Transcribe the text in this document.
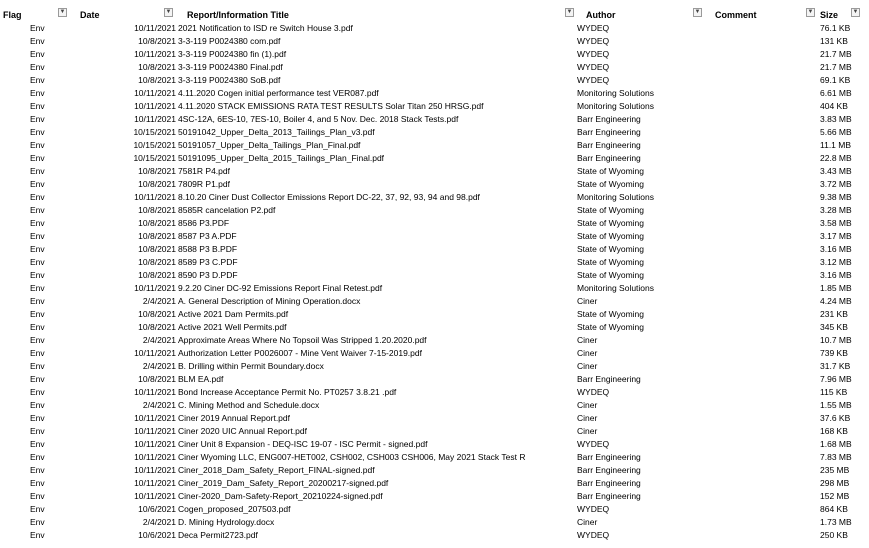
Flag	▼ Date	▼ Report/Information Title	▼ Author	▼ Comment	▼ Size ▼
Env	10/11/2021 2021 Notification to ISD re Switch House 3.pdf	WYDEQ	76.1 KB
Env	10/8/2021 3-3-119 P0024380 com.pdf	WYDEQ	131 KB
Env	10/11/2021 3-3-119 P0024380 fin (1).pdf	WYDEQ	21.7 MB
Env	10/8/2021 3-3-119 P0024380 Final.pdf	WYDEQ	21.7 MB
Env	10/8/2021 3-3-119 P0024380 SoB.pdf	WYDEQ	69.1 KB
Env	10/11/2021 4.11.2020 Cogen initial performance test VER087.pdf	Monitoring Solutions	6.61 MB
Env	10/11/2021 4.11.2020 STACK EMISSIONS RATA TEST RESULTS Solar Titan 250 HRSG.pdf	Monitoring Solutions	404 KB
Env	10/11/2021 4SC-12A, 6ES-10, 7ES-10, Boiler 4, and 5 Nov. Dec. 2018 Stack Tests.pdf	Barr Engineering	3.83 MB
Env	10/15/2021 50191042_Upper_Delta_2013_Tailings_Plan_v3.pdf	Barr Engineering	5.66 MB
Env	10/15/2021 50191057_Upper_Delta_Tailings_Plan_Final.pdf	Barr Engineering	11.1 MB
Env	10/15/2021 50191095_Upper_Delta_2015_Tailings_Plan_Final.pdf	Barr Engineering	22.8 MB
Env	10/8/2021 7581R P4.pdf	State of Wyoming	3.43 MB
Env	10/8/2021 7809R P1.pdf	State of Wyoming	3.72 MB
Env	10/11/2021 8.10.20 Ciner Dust Collector Emissions Report DC-22, 37, 92, 93, 94 and 98.pdf	Monitoring Solutions	9.38 MB
Env	10/8/2021 8585R cancelation P2.pdf	State of Wyoming	3.28 MB
Env	10/8/2021 8586 P3.PDF	State of Wyoming	3.58 MB
Env	10/8/2021 8587 P3 A.PDF	State of Wyoming	3.17 MB
Env	10/8/2021 8588 P3 B.PDF	State of Wyoming	3.16 MB
Env	10/8/2021 8589 P3 C.PDF	State of Wyoming	3.12 MB
Env	10/8/2021 8590 P3 D.PDF	State of Wyoming	3.16 MB
Env	10/11/2021 9.2.20 Ciner DC-92 Emissions Report Final Retest.pdf	Monitoring Solutions	1.85 MB
Env	2/4/2021 A. General Description of Mining Operation.docx	Ciner	4.24 MB
Env	10/8/2021 Active 2021 Dam Permits.pdf	State of Wyoming	231 KB
Env	10/8/2021 Active 2021 Well Permits.pdf	State of Wyoming	345 KB
Env	2/4/2021 Approximate Areas Where No Topsoil Was Stripped 1.20.2020.pdf	Ciner	10.7 MB
Env	10/11/2021 Authorization Letter P0026007 - Mine Vent Waiver 7-15-2019.pdf	Ciner	739 KB
Env	2/4/2021 B. Drilling within Permit Boundary.docx	Ciner	31.7 KB
Env	10/8/2021 BLM EA.pdf	Barr Engineering	7.96 MB
Env	10/11/2021 Bond Increase Acceptance Permit No. PT0257 3.8.21 .pdf	WYDEQ	115 KB
Env	2/4/2021 C. Mining Method and Schedule.docx	Ciner	1.55 MB
Env	10/11/2021 Ciner 2019 Annual Report.pdf	Ciner	37.6 KB
Env	10/11/2021 Ciner 2020 UIC Annual Report.pdf	Ciner	168 KB
Env	10/11/2021 Ciner Unit 8 Expansion - DEQ-ISC 19-07 - ISC Permit - signed.pdf	WYDEQ	1.68 MB
Env	10/11/2021 Ciner Wyoming LLC, ENG007-HET002, CSH002, CSH003 CSH006, May 2021 Stack Test R	Barr Engineering	7.83 MB
Env	10/11/2021 Ciner_2018_Dam_Safety_Report_FINAL-signed.pdf	Barr Engineering	235 MB
Env	10/11/2021 Ciner_2019_Dam_Safety_Report_20200217-signed.pdf	Barr Engineering	298 MB
Env	10/11/2021 Ciner-2020_Dam-Safety-Report_20210224-signed.pdf	Barr Engineering	152 MB
Env	10/6/2021 Cogen_proposed_207503.pdf	WYDEQ	864 KB
Env	2/4/2021 D. Mining Hydrology.docx	Ciner	1.73 MB
Env	10/6/2021 Deca Permit2723.pdf	WYDEQ	250 KB
